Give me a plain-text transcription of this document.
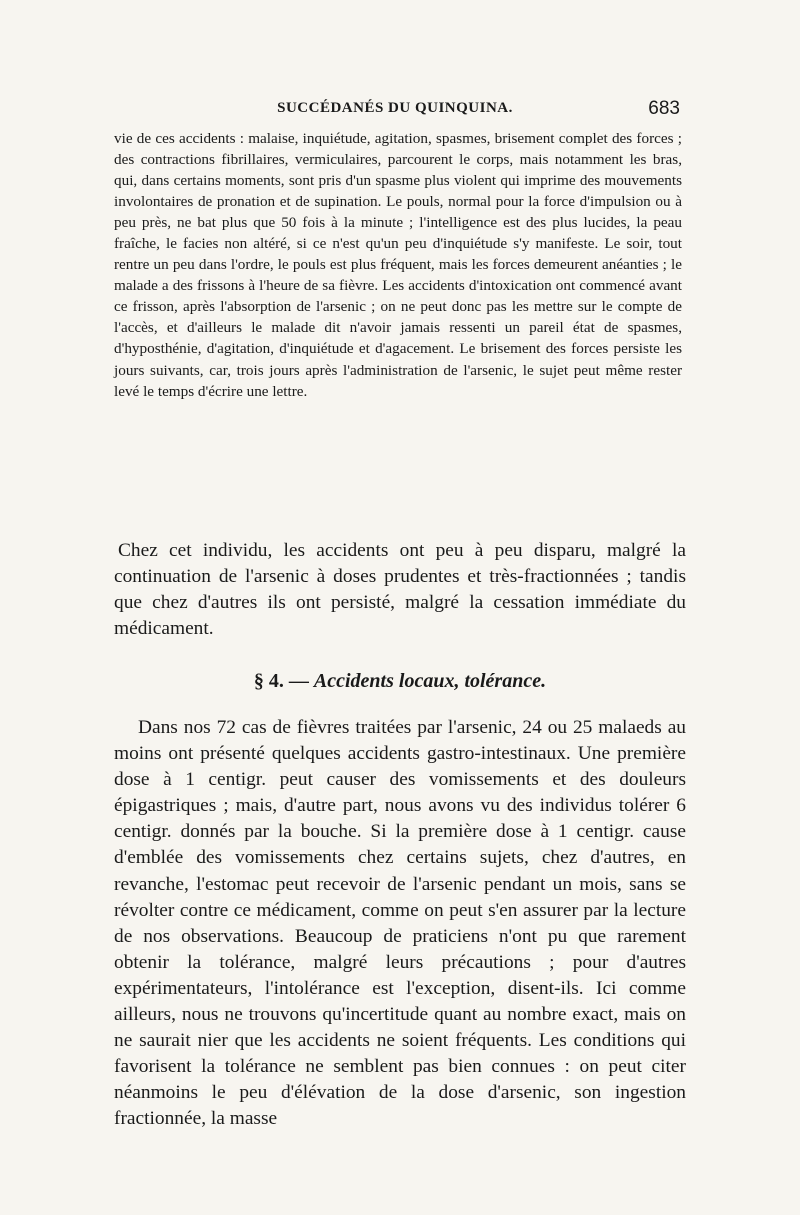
SUCCÉDANÉS DU QUINQUINA.	683

vie de ces accidents : malaise, inquiétude, agitation, spasmes, brisement complet des forces ; des contractions fibrillaires, vermiculaires, parcourent le corps, mais notamment les bras, qui, dans certains moments, sont pris d'un spasme plus violent qui imprime des mouvements involontaires de pronation et de supination. Le pouls, normal pour la force d'impulsion ou à peu près, ne bat plus que 50 fois à la minute ; l'intelligence est des plus lucides, la peau fraîche, le facies non altéré, si ce n'est qu'un peu d'inquiétude s'y manifeste. Le soir, tout rentre un peu dans l'ordre, le pouls est plus fréquent, mais les forces demeurent anéanties ; le malade a des frissons à l'heure de sa fièvre. Les accidents d'intoxication ont commencé avant ce frisson, après l'absorption de l'arsenic ; on ne peut donc pas les mettre sur le compte de l'accès, et d'ailleurs le malade dit n'avoir jamais ressenti un pareil état de spasmes, d'hyposthénie, d'agitation, d'inquiétude et d'agacement. Le brisement des forces persiste les jours suivants, car, trois jours après l'administration de l'arsenic, le sujet peut même rester levé le temps d'écrire une lettre.

Chez cet individu, les accidents ont peu à peu disparu, malgré la continuation de l'arsenic à doses prudentes et très-fractionnées ; tandis que chez d'autres ils ont persisté, malgré la cessation immédiate du médicament.

§ 4. — Accidents locaux, tolérance.

Dans nos 72 cas de fièvres traitées par l'arsenic, 24 ou 25 malaeds au moins ont présenté quelques accidents gastro-intestinaux. Une première dose à 1 centigr. peut causer des vomissements et des douleurs épigastriques ; mais, d'autre part, nous avons vu des individus tolérer 6 centigr. donnés par la bouche. Si la première dose à 1 centigr. cause d'emblée des vomissements chez certains sujets, chez d'autres, en revanche, l'estomac peut recevoir de l'arsenic pendant un mois, sans se révolter contre ce médicament, comme on peut s'en assurer par la lecture de nos observations. Beaucoup de praticiens n'ont pu que rarement obtenir la tolérance, malgré leurs précautions ; pour d'autres expérimentateurs, l'intolérance est l'exception, disent-ils. Ici comme ailleurs, nous ne trouvons qu'incertitude quant au nombre exact, mais on ne saurait nier que les accidents ne soient fréquents. Les conditions qui favorisent la tolérance ne semblent pas bien connues : on peut citer néanmoins le peu d'élévation de la dose d'arsenic, son ingestion fractionnée, la masse
